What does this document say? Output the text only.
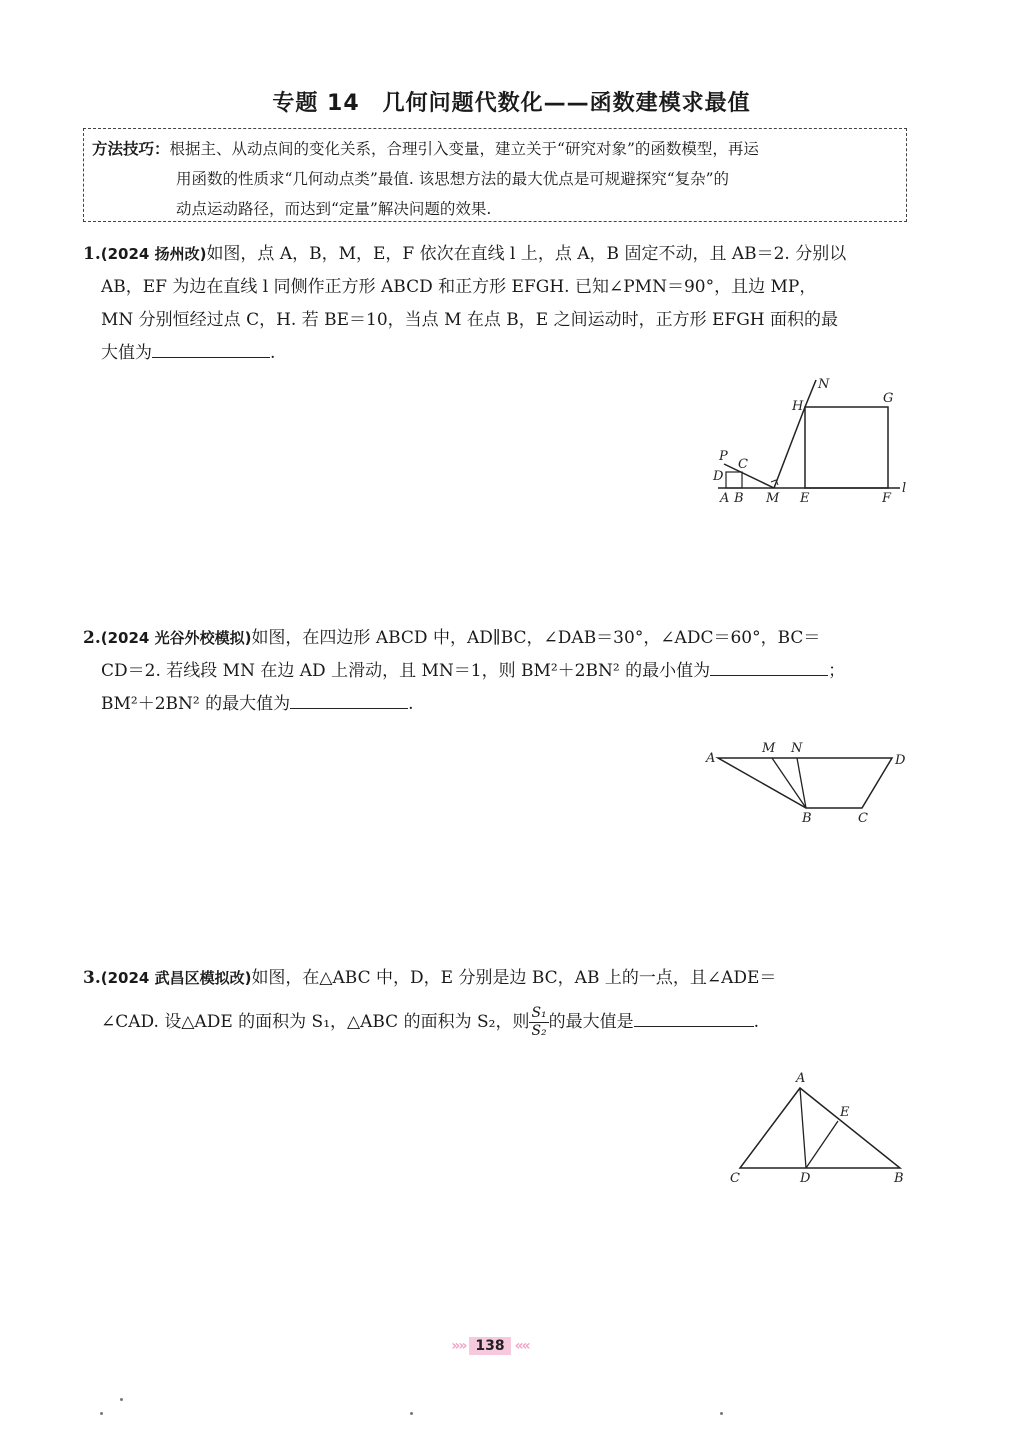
专题 14　几何问题代数化——函数建模求最值
方法技巧：根据主、从动点间的变化关系，合理引入变量，建立关于“研究对象”的函数模型，再运
用函数的性质求“几何动点类”最值. 该思想方法的最大优点是可规避探究“复杂”的
动点运动路径，而达到“定量”解决问题的效果.
1.(2024 扬州改)如图，点 A，B，M，E，F 依次在直线 l 上，点 A，B 固定不动，且 AB＝2. 分别以
AB，EF 为边在直线 l 同侧作正方形 ABCD 和正方形 EFGH. 已知∠PMN＝90°，且边 MP，
MN 分别恒经过点 C，H. 若 BE＝10，当点 M 在点 B，E 之间运动时，正方形 EFGH 面积的最
大值为	.
N
H
G
P
C
D
A B M E	F
l
2.(2024 光谷外校模拟)如图，在四边形 ABCD 中，AD∥BC，∠DAB＝30°，∠ADC＝60°，BC＝
CD＝2. 若线段 MN 在边 AD 上滑动，且 MN＝1，则 BM²＋2BN² 的最小值为	；
BM²＋2BN² 的最大值为	.
A
M N
D
B	C
3.(2024 武昌区模拟改)如图，在△ABC 中，D，E 分别是边 BC，AB 上的一点，且∠ADE＝
∠CAD. 设△ADE 的面积为 S₁，△ABC 的面积为 S₂，则 $\frac{\text{S₁}}{\text{S₂}}$ 的最大值是	.
A
E
C	D	B
»» 138 ««
